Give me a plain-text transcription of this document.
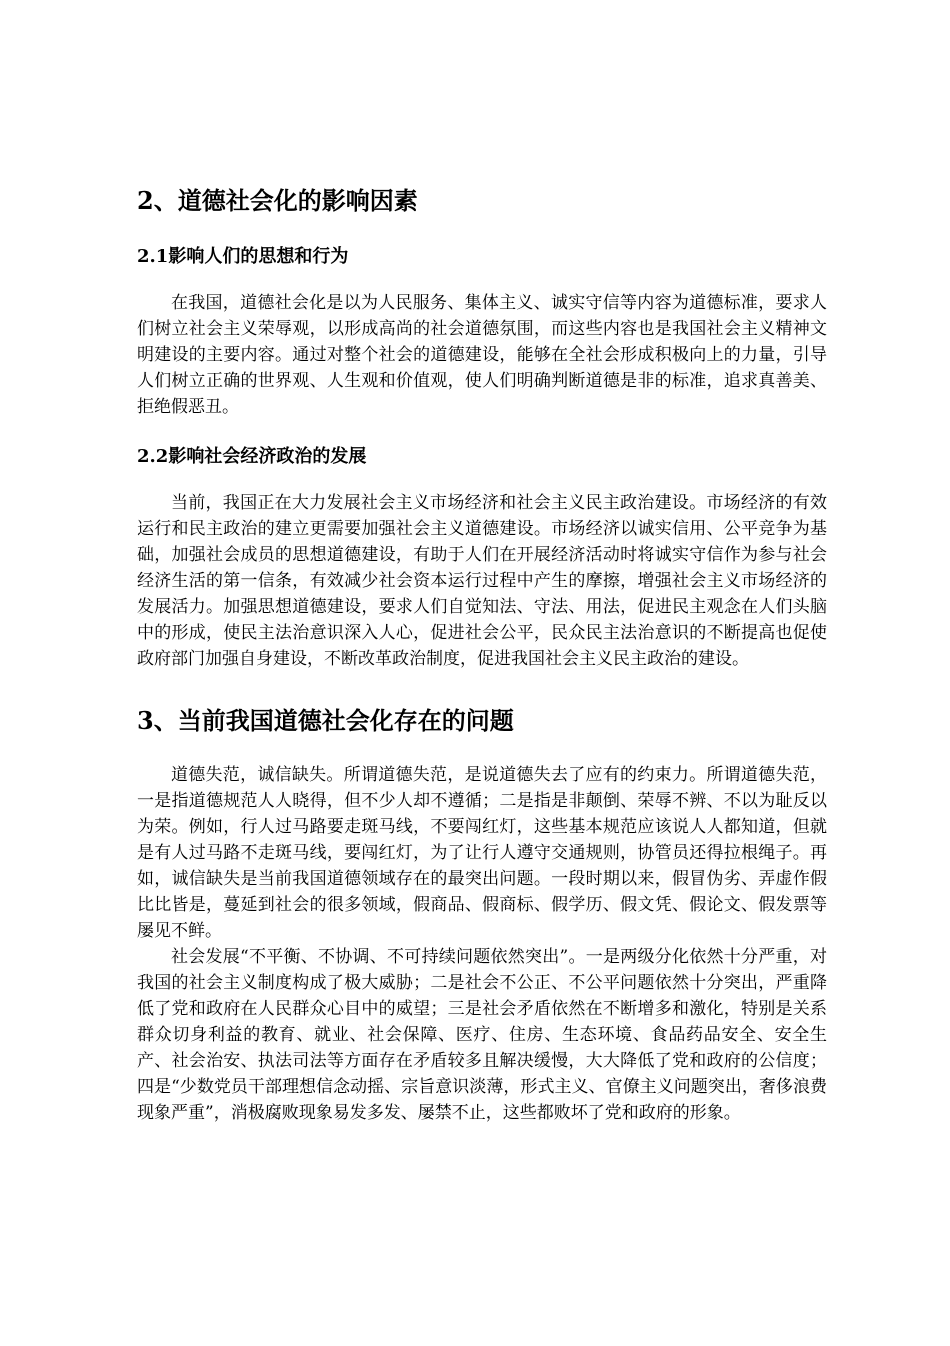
2、道德社会化的影响因素
2.1影响人们的思想和行为

在我国，道德社会化是以为人民服务、集体主义、诚实守信等内容为道德标准，要求人们树立社会主义荣辱观，以形成高尚的社会道德氛围，而这些内容也是我国社会主义精神文明建设的主要内容。通过对整个社会的道德建设，能够在全社会形成积极向上的力量，引导人们树立正确的世界观、人生观和价值观，使人们明确判断道德是非的标准，追求真善美、拒绝假恶丑。

2.2影响社会经济政治的发展

当前，我国正在大力发展社会主义市场经济和社会主义民主政治建设。市场经济的有效运行和民主政治的建立更需要加强社会主义道德建设。市场经济以诚实信用、公平竞争为基础，加强社会成员的思想道德建设，有助于人们在开展经济活动时将诚实守信作为参与社会经济生活的第一信条，有效减少社会资本运行过程中产生的摩擦，增强社会主义市场经济的发展活力。加强思想道德建设，要求人们自觉知法、守法、用法，促进民主观念在人们头脑中的形成，使民主法治意识深入人心，促进社会公平，民众民主法治意识的不断提高也促使政府部门加强自身建设，不断改革政治制度，促进我国社会主义民主政治的建设。

3、当前我国道德社会化存在的问题

道德失范，诚信缺失。所谓道德失范，是说道德失去了应有的约束力。所谓道德失范，一是指道德规范人人晓得，但不少人却不遵循；二是指是非颠倒、荣辱不辨、不以为耻反以为荣。例如，行人过马路要走斑马线，不要闯红灯，这些基本规范应该说人人都知道，但就是有人过马路不走斑马线，要闯红灯，为了让行人遵守交通规则，协管员还得拉根绳子。再如，诚信缺失是当前我国道德领域存在的最突出问题。一段时期以来，假冒伪劣、弄虚作假比比皆是，蔓延到社会的很多领域，假商品、假商标、假学历、假文凭、假论文、假发票等屡见不鲜。

社会发展“不平衡、不协调、不可持续问题依然突出”。一是两级分化依然十分严重，对我国的社会主义制度构成了极大威胁；二是社会不公正、不公平问题依然十分突出，严重降低了党和政府在人民群众心目中的威望；三是社会矛盾依然在不断增多和激化，特别是关系群众切身利益的教育、就业、社会保障、医疗、住房、生态环境、食品药品安全、安全生产、社会治安、执法司法等方面存在矛盾较多且解决缓慢，大大降低了党和政府的公信度；四是“少数党员干部理想信念动摇、宗旨意识淡薄，形式主义、官僚主义问题突出，奢侈浪费现象严重”，消极腐败现象易发多发、屡禁不止，这些都败坏了党和政府的形象。
